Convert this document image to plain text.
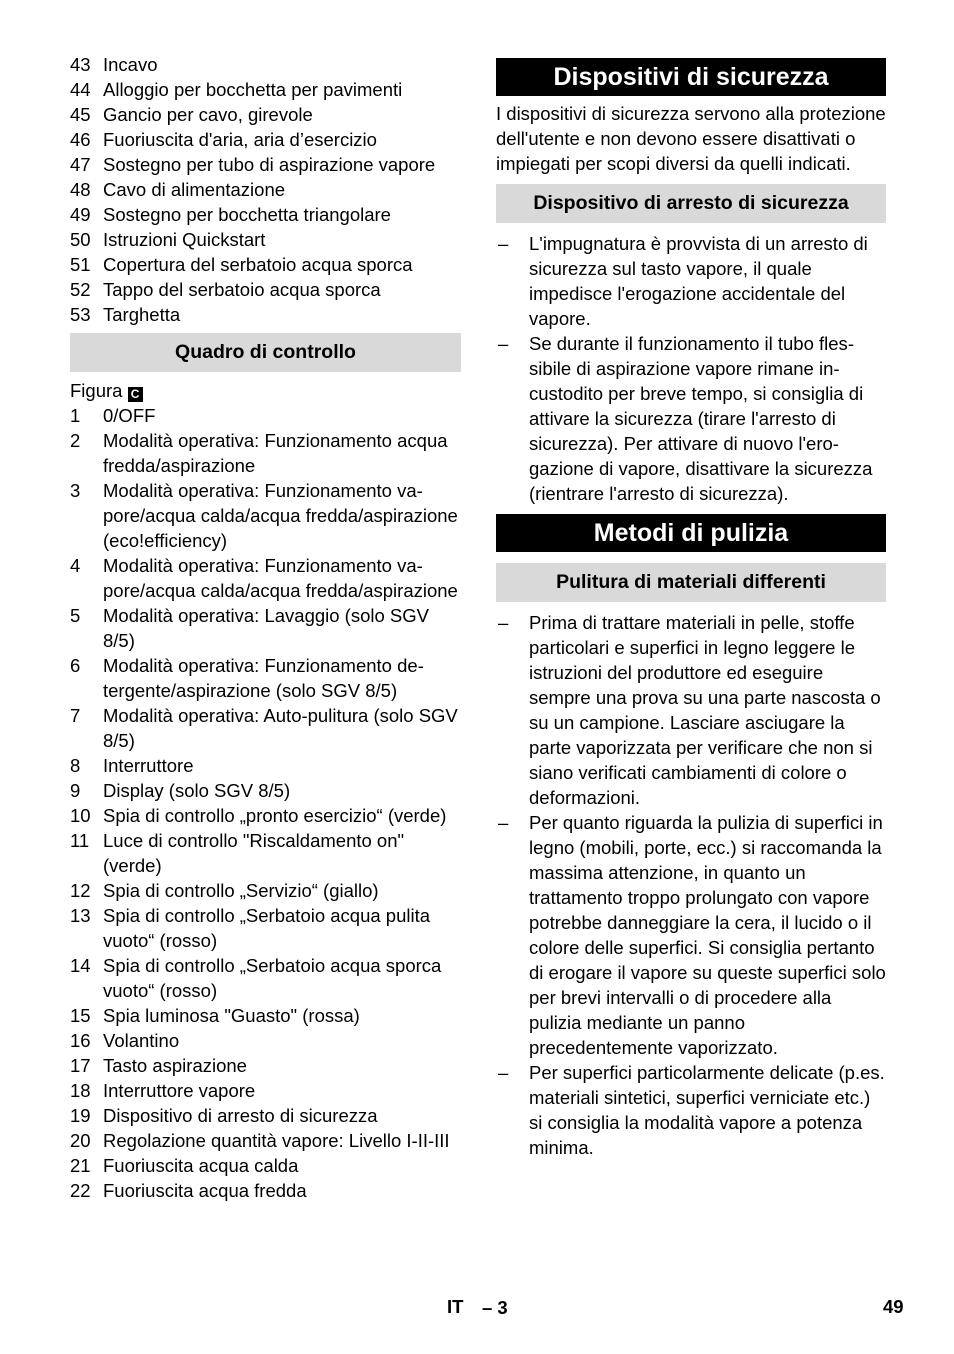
43 Incavo
44 Alloggio per bocchetta per pavimenti
45 Gancio per cavo, girevole
46 Fuoriuscita d'aria, aria d’esercizio
47 Sostegno per tubo di aspirazione vapore
48 Cavo di alimentazione
49 Sostegno per bocchetta triangolare
50 Istruzioni Quickstart
51 Copertura del serbatoio acqua sporca
52 Tappo del serbatoio acqua sporca
53 Targhetta
Quadro di controllo
Figura C
1	0/OFF
2	Modalità operativa: Funzionamento acqua fredda/aspirazione
3	Modalità operativa: Funzionamento vapore/acqua calda/acqua fredda/aspirazione (eco!efficiency)
4	Modalità operativa: Funzionamento vapore/acqua calda/acqua fredda/aspirazione
5	Modalità operativa: Lavaggio (solo SGV 8/5)
6	Modalità operativa: Funzionamento detergente/aspirazione (solo SGV 8/5)
7	Modalità operativa: Auto-pulitura (solo SGV 8/5)
8	Interruttore
9	Display (solo SGV 8/5)
10 Spia di controllo „pronto esercizio“ (verde)
11 Luce di controllo "Riscaldamento on" (verde)
12 Spia di controllo „Servizio“ (giallo)
13 Spia di controllo „Serbatoio acqua pulita vuoto“ (rosso)
14 Spia di controllo „Serbatoio acqua sporca vuoto“ (rosso)
15 Spia luminosa "Guasto" (rossa)
16 Volantino
17 Tasto aspirazione
18 Interruttore vapore
19 Dispositivo di arresto di sicurezza
20 Regolazione quantità vapore: Livello I-II-III
21 Fuoriuscita acqua calda
22 Fuoriuscita acqua fredda
Dispositivi di sicurezza

I dispositivi di sicurezza servono alla protezione dell'utente e non devono essere disattivati o impiegati per scopi diversi da quelli indicati.

Dispositivo di arresto di sicurezza
–	L'impugnatura è provvista di un arresto di sicurezza sul tasto vapore, il quale impedisce l'erogazione accidentale del vapore.
–	Se durante il funzionamento il tubo flessibile di aspirazione vapore rimane incustodito per breve tempo, si consiglia di attivare la sicurezza (tirare l'arresto di sicurezza). Per attivare di nuovo l'erogazione di vapore, disattivare la sicurezza (rientrare l'arresto di sicurezza).
Metodi di pulizia
Pulitura di materiali differenti
–	Prima di trattare materiali in pelle, stoffe particolari e superfici in legno leggere le istruzioni del produttore ed eseguire sempre una prova su una parte nascosta o su un campione. Lasciare asciugare la parte vaporizzata per verificare che non si siano verificati cambiamenti di colore o deformazioni.
–	Per quanto riguarda la pulizia di superfici in legno (mobili, porte, ecc.) si raccomanda la massima attenzione, in quanto un trattamento troppo prolungato con vapore potrebbe danneggiare la cera, il lucido o il colore delle superfici. Si consiglia pertanto di erogare il vapore su queste superfici solo per brevi intervalli o di procedere alla pulizia mediante un panno precedentemente vaporizzato.
–	Per superfici particolarmente delicate (p.es. materiali sintetici, superfici verniciate etc.) si consiglia la modalità vapore a potenza minima.
IT – 3	49
